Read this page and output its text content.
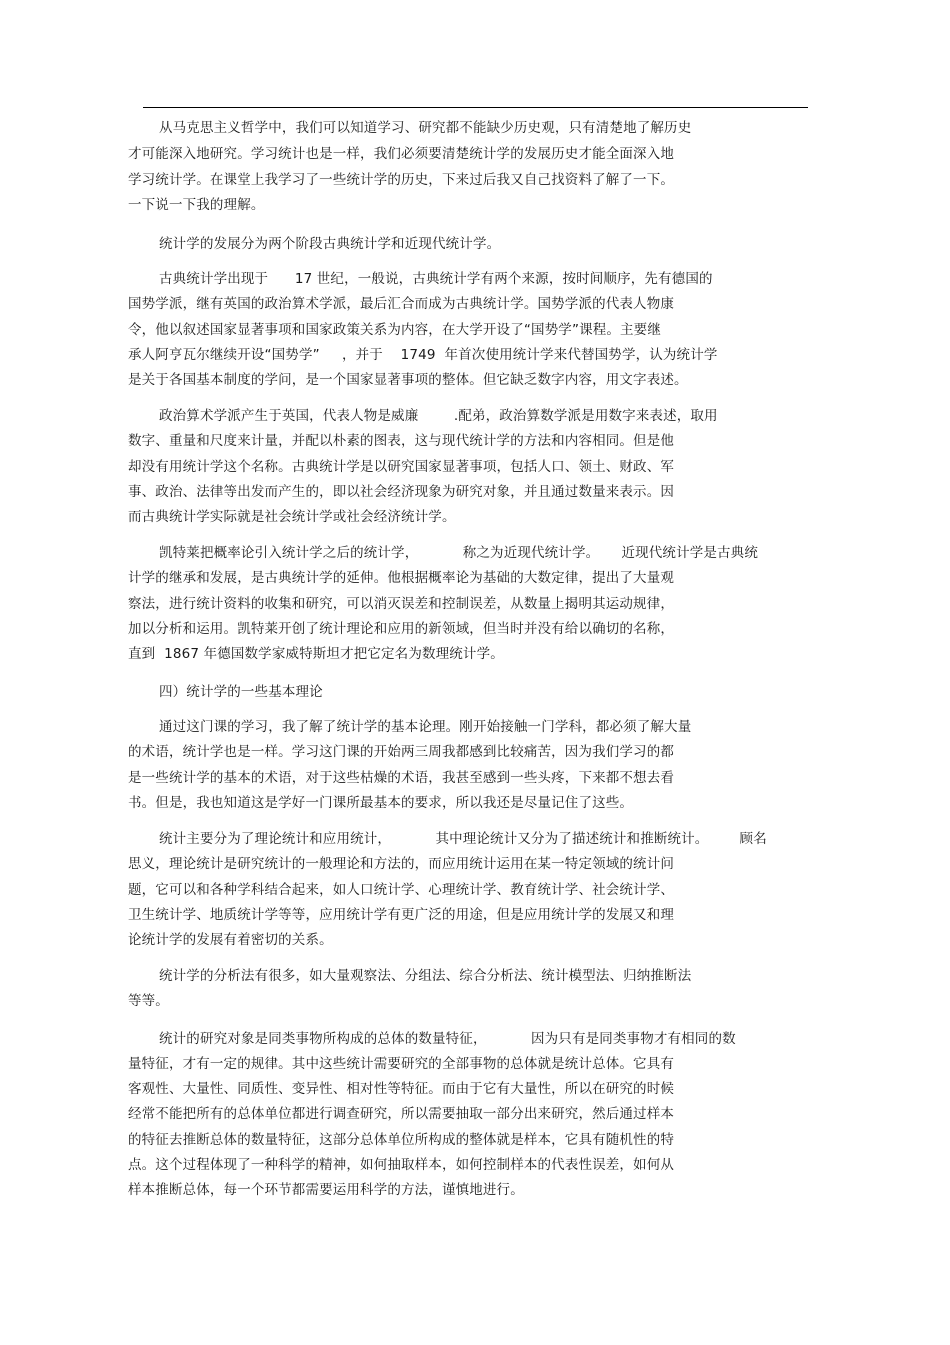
从马克思主义哲学中，我们可以知道学习、研究都不能缺少历史观，只有清楚地了解历史
才可能深入地研究。学习统计也是一样，我们必须要清楚统计学的发展历史才能全面深入地
学习统计学。在课堂上我学习了一些统计学的历史，下来过后我又自己找资料了解了一下。
一下说一下我的理解。
统计学的发展分为两个阶段古典统计学和近现代统计学。
古典统计学出现于      17 世纪，一般说，古典统计学有两个来源，按时间顺序，先有德国的
国势学派，继有英国的政治算术学派，最后汇合而成为古典统计学。国势学派的代表人物康
令，他以叙述国家显著事项和国家政策关系为内容，在大学开设了“国势学”课程。主要继
承人阿亨瓦尔继续开设“国势学”     ，并于    1749  年首次使用统计学来代替国势学，认为统计学
是关于各国基本制度的学问，是一个国家显著事项的整体。但它缺乏数字内容，用文字表述。
政治算术学派产生于英国，代表人物是威廉        .配弟，政治算数学派是用数字来表述，取用
数字、重量和尺度来计量，并配以朴素的图表，这与现代统计学的方法和内容相同。但是他
却没有用统计学这个名称。古典统计学是以研究国家显著事项，包括人口、领土、财政、军
事、政治、法律等出发而产生的，即以社会经济现象为研究对象，并且通过数量来表示。因
而古典统计学实际就是社会统计学或社会经济统计学。
凯特莱把概率论引入统计学之后的统计学，          称之为近现代统计学。     近现代统计学是古典统
计学的继承和发展，是古典统计学的延伸。他根据概率论为基础的大数定律，提出了大量观
察法，进行统计资料的收集和研究，可以消灭误差和控制误差，从数量上揭明其运动规律，
加以分析和运用。凯特莱开创了统计理论和应用的新领域，但当时并没有给以确切的名称，
直到  1867 年德国数学家威特斯坦才把它定名为数理统计学。
四）统计学的一些基本理论
通过这门课的学习，我了解了统计学的基本论理。刚开始接触一门学科，都必须了解大量
的术语，统计学也是一样。学习这门课的开始两三周我都感到比较痛苦，因为我们学习的都
是一些统计学的基本的术语，对于这些枯燥的术语，我甚至感到一些头疼，下来都不想去看
书。但是，我也知道这是学好一门课所最基本的要求，所以我还是尽量记住了这些。
统计主要分为了理论统计和应用统计，          其中理论统计又分为了描述统计和推断统计。       顾名
思义，理论统计是研究统计的一般理论和方法的，而应用统计运用在某一特定领域的统计问
题，它可以和各种学科结合起来，如人口统计学、心理统计学、教育统计学、社会统计学、
卫生统计学、地质统计学等等，应用统计学有更广泛的用途，但是应用统计学的发展又和理
论统计学的发展有着密切的关系。
统计学的分析法有很多，如大量观察法、分组法、综合分析法、统计模型法、归纳推断法
等等。
统计的研究对象是同类事物所构成的总体的数量特征，          因为只有是同类事物才有相同的数
量特征，才有一定的规律。其中这些统计需要研究的全部事物的总体就是统计总体。它具有
客观性、大量性、同质性、变异性、相对性等特征。而由于它有大量性，所以在研究的时候
经常不能把所有的总体单位都进行调查研究，所以需要抽取一部分出来研究，然后通过样本
的特征去推断总体的数量特征，这部分总体单位所构成的整体就是样本，它具有随机性的特
点。这个过程体现了一种科学的精神，如何抽取样本，如何控制样本的代表性误差，如何从
样本推断总体，每一个环节都需要运用科学的方法，谨慎地进行。
